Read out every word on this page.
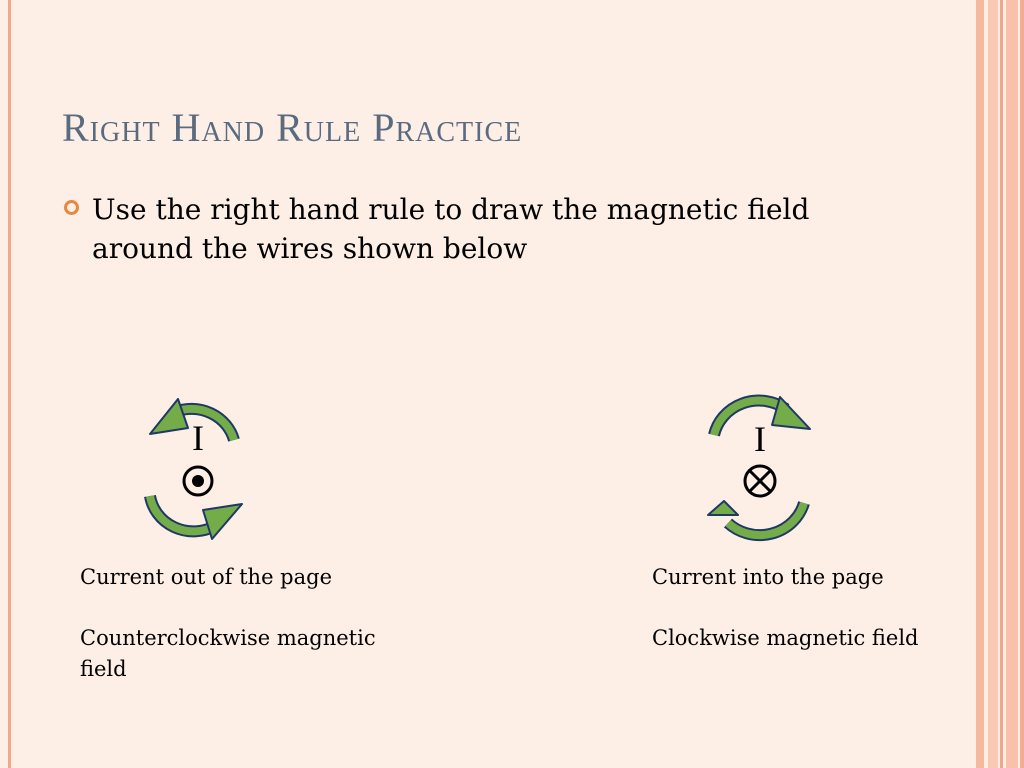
Right Hand Rule Practice
Use the right hand rule to draw the magnetic field around the wires shown below
I	I

Current out of the page

Counterclockwise magnetic field

Current into the page

Clockwise magnetic field
